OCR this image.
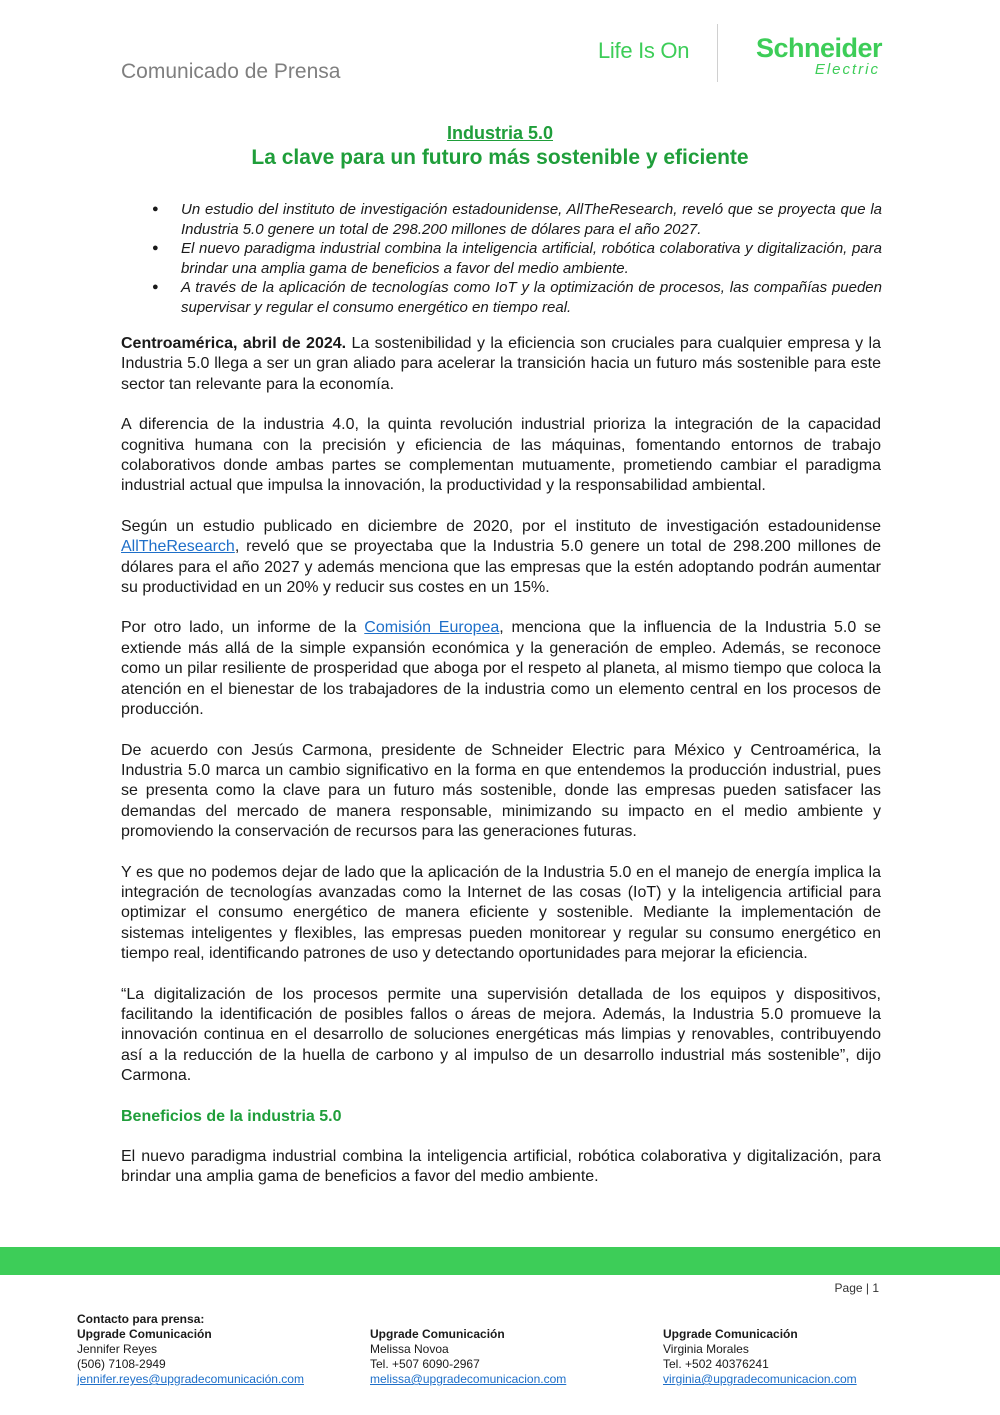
Comunicado de Prensa
Life Is On	Schneider
Electric
Industria 5.0
La clave para un futuro más sostenible y eficiente
● Un estudio del instituto de investigación estadounidense, AllTheResearch, reveló que se proyecta que la Industria 5.0 genere un total de 298.200 millones de dólares para el año 2027.
● El nuevo paradigma industrial combina la inteligencia artificial, robótica colaborativa y digitalización, para brindar una amplia gama de beneficios a favor del medio ambiente.
● A través de la aplicación de tecnologías como IoT y la optimización de procesos, las compañías pueden supervisar y regular el consumo energético en tiempo real.

Centroamérica, abril de 2024. La sostenibilidad y la eficiencia son cruciales para cualquier empresa y la Industria 5.0 llega a ser un gran aliado para acelerar la transición hacia un futuro más sostenible para este sector tan relevante para la economía.

A diferencia de la industria 4.0, la quinta revolución industrial prioriza la integración de la capacidad cognitiva humana con la precisión y eficiencia de las máquinas, fomentando entornos de trabajo colaborativos donde ambas partes se complementan mutuamente, prometiendo cambiar el paradigma industrial actual que impulsa la innovación, la productividad y la responsabilidad ambiental.

Según un estudio publicado en diciembre de 2020, por el instituto de investigación estadounidense AllTheResearch, reveló que se proyectaba que la Industria 5.0 genere un total de 298.200 millones de dólares para el año 2027 y además menciona que las empresas que la estén adoptando podrán aumentar su productividad en un 20% y reducir sus costes en un 15%.

Por otro lado, un informe de la Comisión Europea, menciona que la influencia de la Industria 5.0 se extiende más allá de la simple expansión económica y la generación de empleo. Además, se reconoce como un pilar resiliente de prosperidad que aboga por el respeto al planeta, al mismo tiempo que coloca la atención en el bienestar de los trabajadores de la industria como un elemento central en los procesos de producción.

De acuerdo con Jesús Carmona, presidente de Schneider Electric para México y Centroamérica, la Industria 5.0 marca un cambio significativo en la forma en que entendemos la producción industrial, pues se presenta como la clave para un futuro más sostenible, donde las empresas pueden satisfacer las demandas del mercado de manera responsable, minimizando su impacto en el medio ambiente y promoviendo la conservación de recursos para las generaciones futuras.

Y es que no podemos dejar de lado que la aplicación de la Industria 5.0 en el manejo de energía implica la integración de tecnologías avanzadas como la Internet de las cosas (IoT) y la inteligencia artificial para optimizar el consumo energético de manera eficiente y sostenible. Mediante la implementación de sistemas inteligentes y flexibles, las empresas pueden monitorear y regular su consumo energético en tiempo real, identificando patrones de uso y detectando oportunidades para mejorar la eficiencia.

“La digitalización de los procesos permite una supervisión detallada de los equipos y dispositivos, facilitando la identificación de posibles fallos o áreas de mejora. Además, la Industria 5.0 promueve la innovación continua en el desarrollo de soluciones energéticas más limpias y renovables, contribuyendo así a la reducción de la huella de carbono y al impulso de un desarrollo industrial más sostenible”, dijo Carmona.

Beneficios de la industria 5.0

El nuevo paradigma industrial combina la inteligencia artificial, robótica colaborativa y digitalización, para brindar una amplia gama de beneficios a favor del medio ambiente.

Page | 1
Contacto para prensa:
Upgrade Comunicación
Jennifer Reyes
(506) 7108-2949
jennifer.reyes@upgradecomunicación.com
Upgrade Comunicación
Melissa Novoa
Tel. +507 6090-2967
melissa@upgradecomunicacion.com
Upgrade Comunicación
Virginia Morales
Tel. +502 40376241
virginia@upgradecomunicacion.com
